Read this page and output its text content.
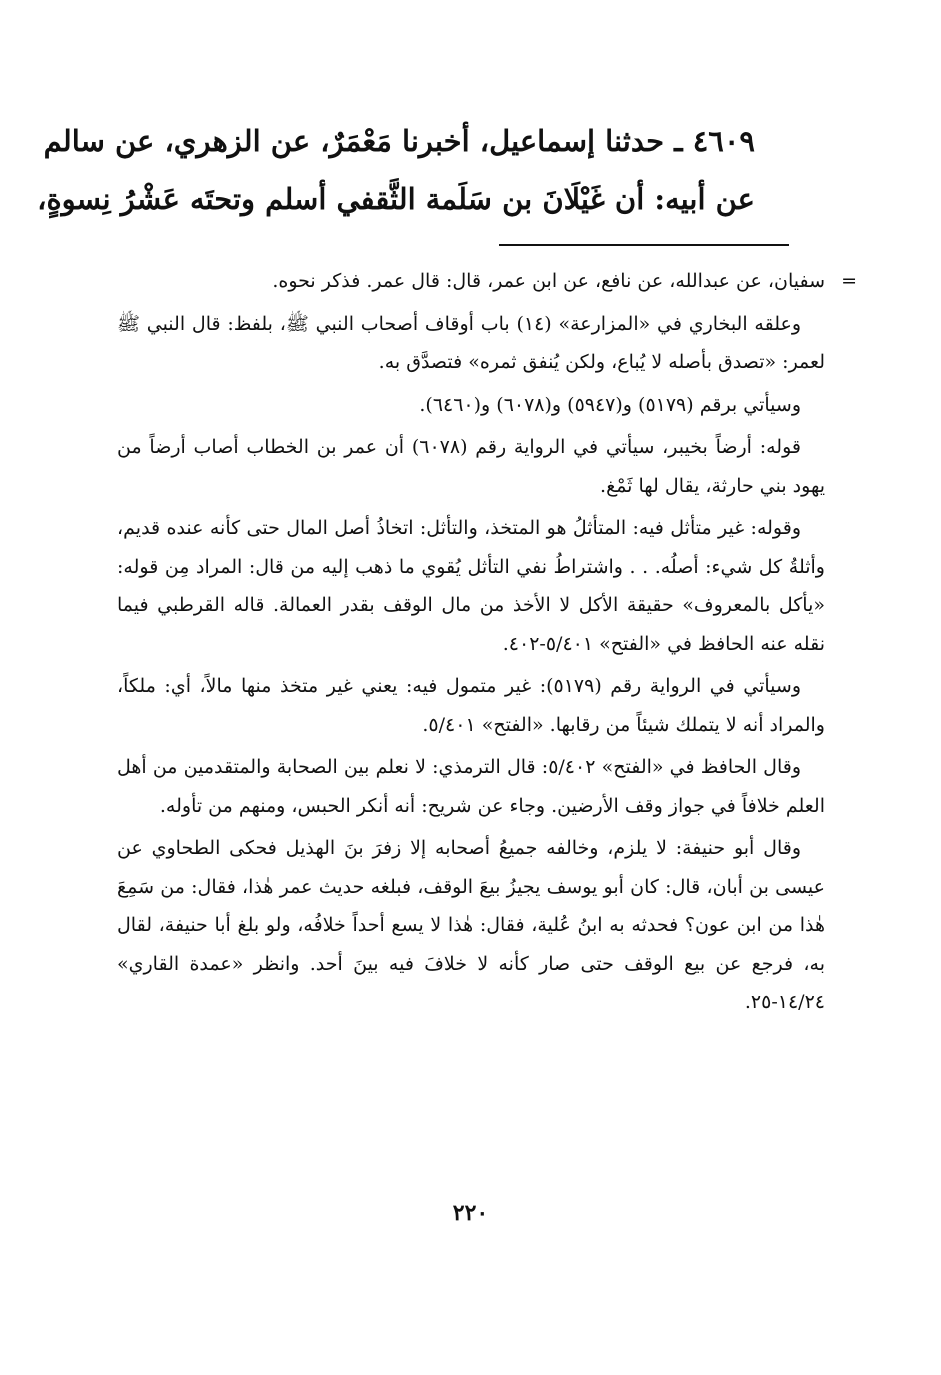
٤٦٠٩ ـ حدثنا إسماعيل، أخبرنا مَعْمَرٌ، عن الزهري، عن سالم
عن أبيه: أن غَيْلَانَ بن سَلَمة الثَّقفي أسلم وتحتَه عَشْرُ نِسوةٍ،

=
سفيان، عن عبدالله، عن نافع، عن ابن عمر، قال: قال عمر. فذكر نحوه.

وعلقه البخاري في «المزارعة» (١٤) باب أوقاف أصحاب النبي ﷺ، بلفظ: قال النبي ﷺ لعمر: «تصدق بأصله لا يُباع، ولكن يُنفق ثمره» فتصدَّق به.

وسيأتي برقم (٥١٧٩) و(٥٩٤٧) و(٦٠٧٨) و(٦٤٦٠).

قوله: أرضاً بخيبر، سيأتي في الرواية رقم (٦٠٧٨) أن عمر بن الخطاب أصاب أرضاً من يهود بني حارثة، يقال لها ثَمْغ.

وقوله: غير متأثل فيه: المتأثلُ هو المتخذ، والتأثل: اتخاذُ أصل المال حتى كأنه عنده قديم، وأثلةُ كل شيء: أصلُه. . . واشتراطُ نفي التأثل يُقوي ما ذهب إليه من قال: المراد مِن قوله: «يأكل بالمعروف» حقيقة الأكل لا الأخذ من مال الوقف بقدر العمالة. قاله القرطبي فيما نقله عنه الحافظ في «الفتح» ٥/٤٠١-٤٠٢.

وسيأتي في الرواية رقم (٥١٧٩): غير متمول فيه: يعني غير متخذ منها مالاً، أي: ملكاً، والمراد أنه لا يتملك شيئاً من رقابها. «الفتح» ٥/٤٠١.

وقال الحافظ في «الفتح» ٥/٤٠٢: قال الترمذي: لا نعلم بين الصحابة والمتقدمين من أهل العلم خلافاً في جواز وقف الأرضين. وجاء عن شريح: أنه أنكر الحبس، ومنهم من تأوله.

وقال أبو حنيفة: لا يلزم، وخالفه جميعُ أصحابه إلا زفرَ بنَ الهذيل فحكى الطحاوي عن عيسى بن أبان، قال: كان أبو يوسف يجيزُ بيعَ الوقف، فبلغه حديث عمر هٰذا، فقال: من سَمِعَ هٰذا من ابن عون؟ فحدثه به ابنُ عُلية، فقال: هٰذا لا يسع أحداً خلافُه، ولو بلغ أبا حنيفة، لقال به، فرجع عن بيع الوقف حتى صار كأنه لا خلافَ فيه بينَ أحد. وانظر «عمدة القاري» ١٤/٢٤-٢٥.

٢٢٠
